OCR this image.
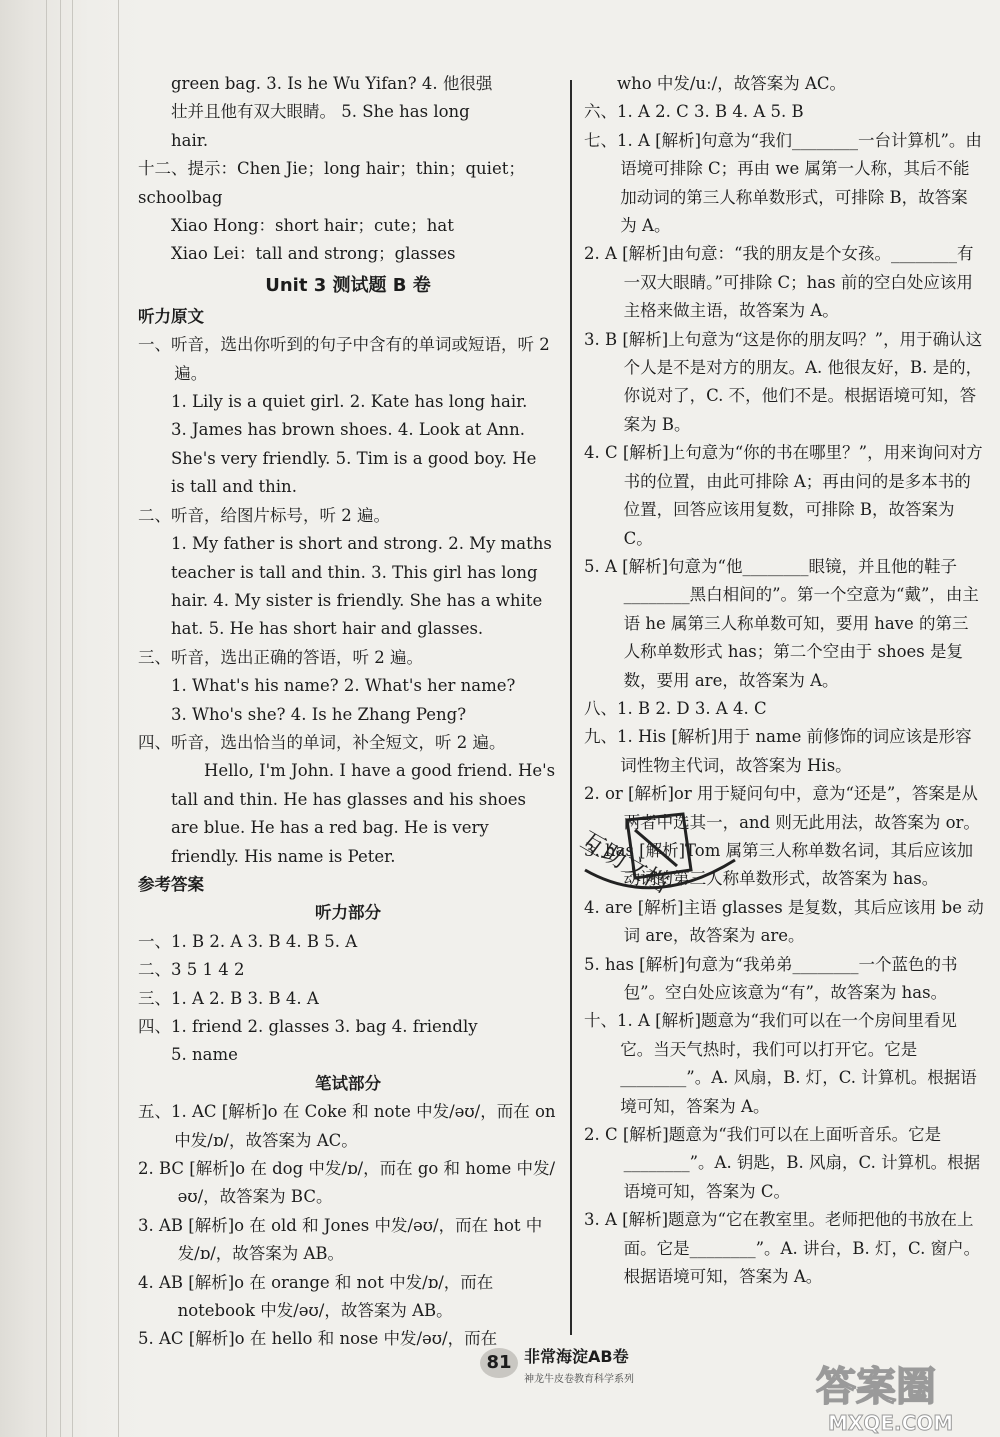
green bag. 3. Is he Wu Yifan? 4. 他很强
壮并且他有双大眼睛。 5. She has long
hair.
十二、提示：Chen Jie；long hair；thin；quiet；schoolbag
Xiao Hong：short hair；cute；hat
Xiao Lei：tall and strong；glasses
Unit 3 测试题 B 卷
听力原文
一、听音，选出你听到的句子中含有的单词或短语，听 2 遍。
1. Lily is a quiet girl. 2. Kate has long hair.
3. James has brown shoes. 4. Look at Ann.
She's very friendly. 5. Tim is a good boy. He
is tall and thin.
二、听音，给图片标号，听 2 遍。
1. My father is short and strong. 2. My maths
teacher is tall and thin. 3. This girl has long
hair. 4. My sister is friendly. She has a white
hat. 5. He has short hair and glasses.
三、听音，选出正确的答语，听 2 遍。
1. What's his name? 2. What's her name?
3. Who's she? 4. Is he Zhang Peng?
四、听音，选出恰当的单词，补全短文，听 2 遍。
Hello, I'm John. I have a good friend. He's tall and thin. He has glasses and his shoes are blue. He has a red bag. He is very friendly. His name is Peter.
参考答案
听力部分
一、1. B 2. A 3. B 4. B 5. A
二、3 5 1 4 2
三、1. A 2. B 3. B 4. A
四、1. friend 2. glasses 3. bag 4. friendly
5. name
笔试部分
五、1. AC [解析]o 在 Coke 和 note 中发/əʊ/，而在 on 中发/ɒ/，故答案为 AC。
2. BC [解析]o 在 dog 中发/ɒ/，而在 go 和 home 中发/əʊ/，故答案为 BC。
3. AB [解析]o 在 old 和 Jones 中发/əʊ/，而在 hot 中发/ɒ/，故答案为 AB。
4. AB [解析]o 在 orange 和 not 中发/ɒ/，而在 notebook 中发/əʊ/，故答案为 AB。
5. AC [解析]o 在 hello 和 nose 中发/əʊ/，而在
who 中发/uː/，故答案为 AC。
六、1. A 2. C 3. B 4. A 5. B
七、1. A [解析]句意为“我们________一台计算机”。由语境可排除 C；再由 we 属第一人称，其后不能加动词的第三人称单数形式，可排除 B，故答案为 A。
2. A [解析]由句意：“我的朋友是个女孩。________有一双大眼睛。”可排除 C；has 前的空白处应该用主格来做主语，故答案为 A。
3. B [解析]上句意为“这是你的朋友吗？”，用于确认这个人是不是对方的朋友。A. 他很友好，B. 是的，你说对了，C. 不，他们不是。根据语境可知，答案为 B。
4. C [解析]上句意为“你的书在哪里？”，用来询问对方书的位置，由此可排除 A；再由问的是多本书的位置，回答应该用复数，可排除 B，故答案为 C。
5. A [解析]句意为“他________眼镜，并且他的鞋子________黑白相间的”。第一个空意为“戴”，由主语 he 属第三人称单数可知，要用 have 的第三人称单数形式 has；第二个空由于 shoes 是复数，要用 are，故答案为 A。
八、1. B 2. D 3. A 4. C
九、1. His [解析]用于 name 前修饰的词应该是形容词性物主代词，故答案为 His。
2. or [解析]or 用于疑问句中，意为“还是”，答案是从两者中选其一，and 则无此用法，故答案为 or。
3. has [解析]Tom 属第三人称单数名词，其后应该加动词的第三人称单数形式，故答案为 has。
4. are [解析]主语 glasses 是复数，其后应该用 be 动词 are，故答案为 are。
5. has [解析]句意为“我弟弟________一个蓝色的书包”。空白处应该意为“有”，故答案为 has。
十、1. A [解析]题意为“我们可以在一个房间里看见它。当天气热时，我们可以打开它。它是________”。A. 风扇，B. 灯，C. 计算机。根据语境可知，答案为 A。
2. C [解析]题意为“我们可以在上面听音乐。它是________”。A. 钥匙，B. 风扇，C. 计算机。根据语境可知，答案为 C。
3. A [解析]题意为“它在教室里。老师把他的书放在上面。它是________”。A. 讲台，B. 灯，C. 窗户。根据语境可知，答案为 A。
互助文档
81 非常海淀AB卷
神龙牛皮卷教育科学系列	答案圈
MXQE.COM
